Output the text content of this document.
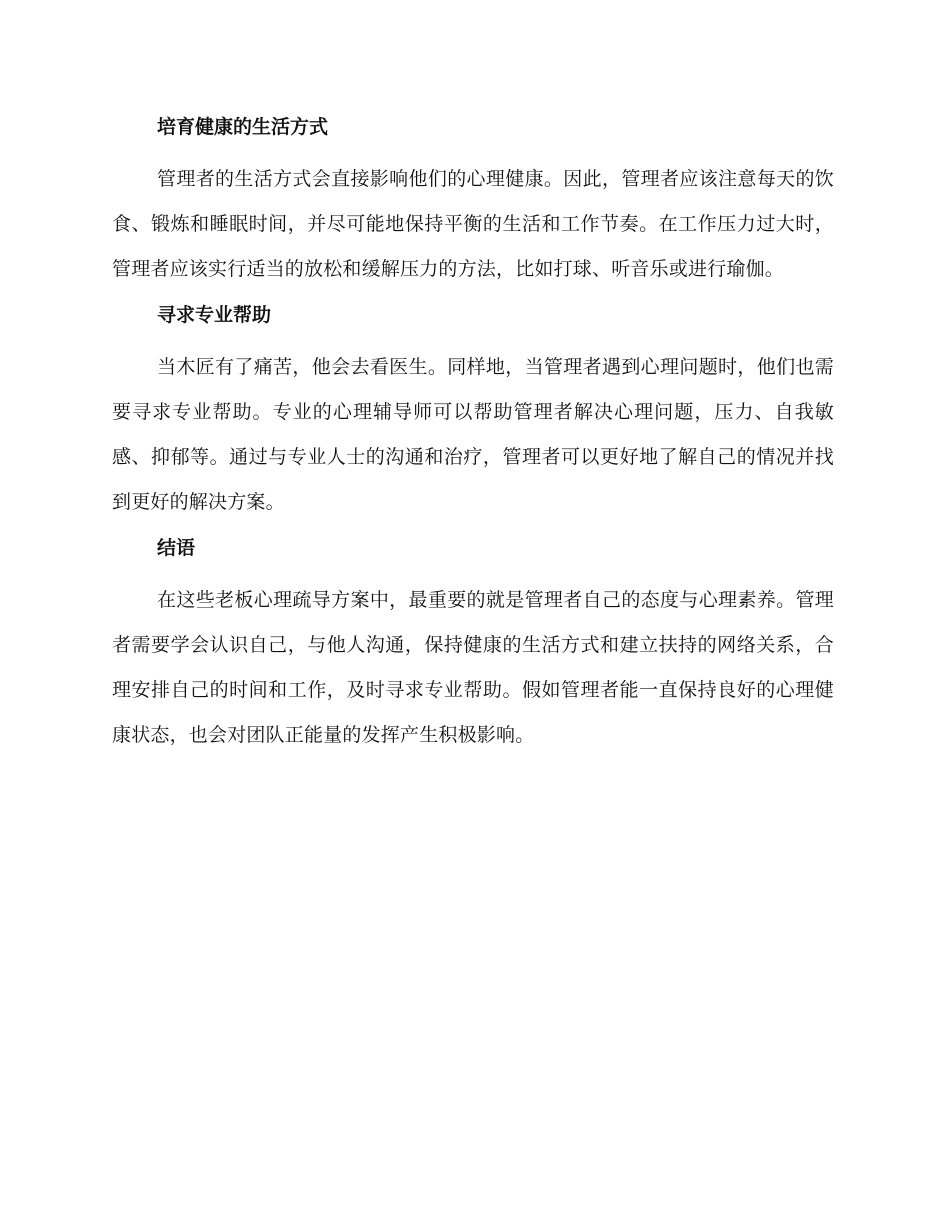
培育健康的生活方式

管理者的生活方式会直接影响他们的心理健康。因此，管理者应该注意每天的饮食、锻炼和睡眠时间，并尽可能地保持平衡的生活和工作节奏。在工作压力过大时，管理者应该实行适当的放松和缓解压力的方法，比如打球、听音乐或进行瑜伽。

寻求专业帮助

当木匠有了痛苦，他会去看医生。同样地，当管理者遇到心理问题时，他们也需要寻求专业帮助。专业的心理辅导师可以帮助管理者解决心理问题，压力、自我敏感、抑郁等。通过与专业人士的沟通和治疗，管理者可以更好地了解自己的情况并找到更好的解决方案。

结语

在这些老板心理疏导方案中，最重要的就是管理者自己的态度与心理素养。管理者需要学会认识自己，与他人沟通，保持健康的生活方式和建立扶持的网络关系，合理安排自己的时间和工作，及时寻求专业帮助。假如管理者能一直保持良好的心理健康状态，也会对团队正能量的发挥产生积极影响。
